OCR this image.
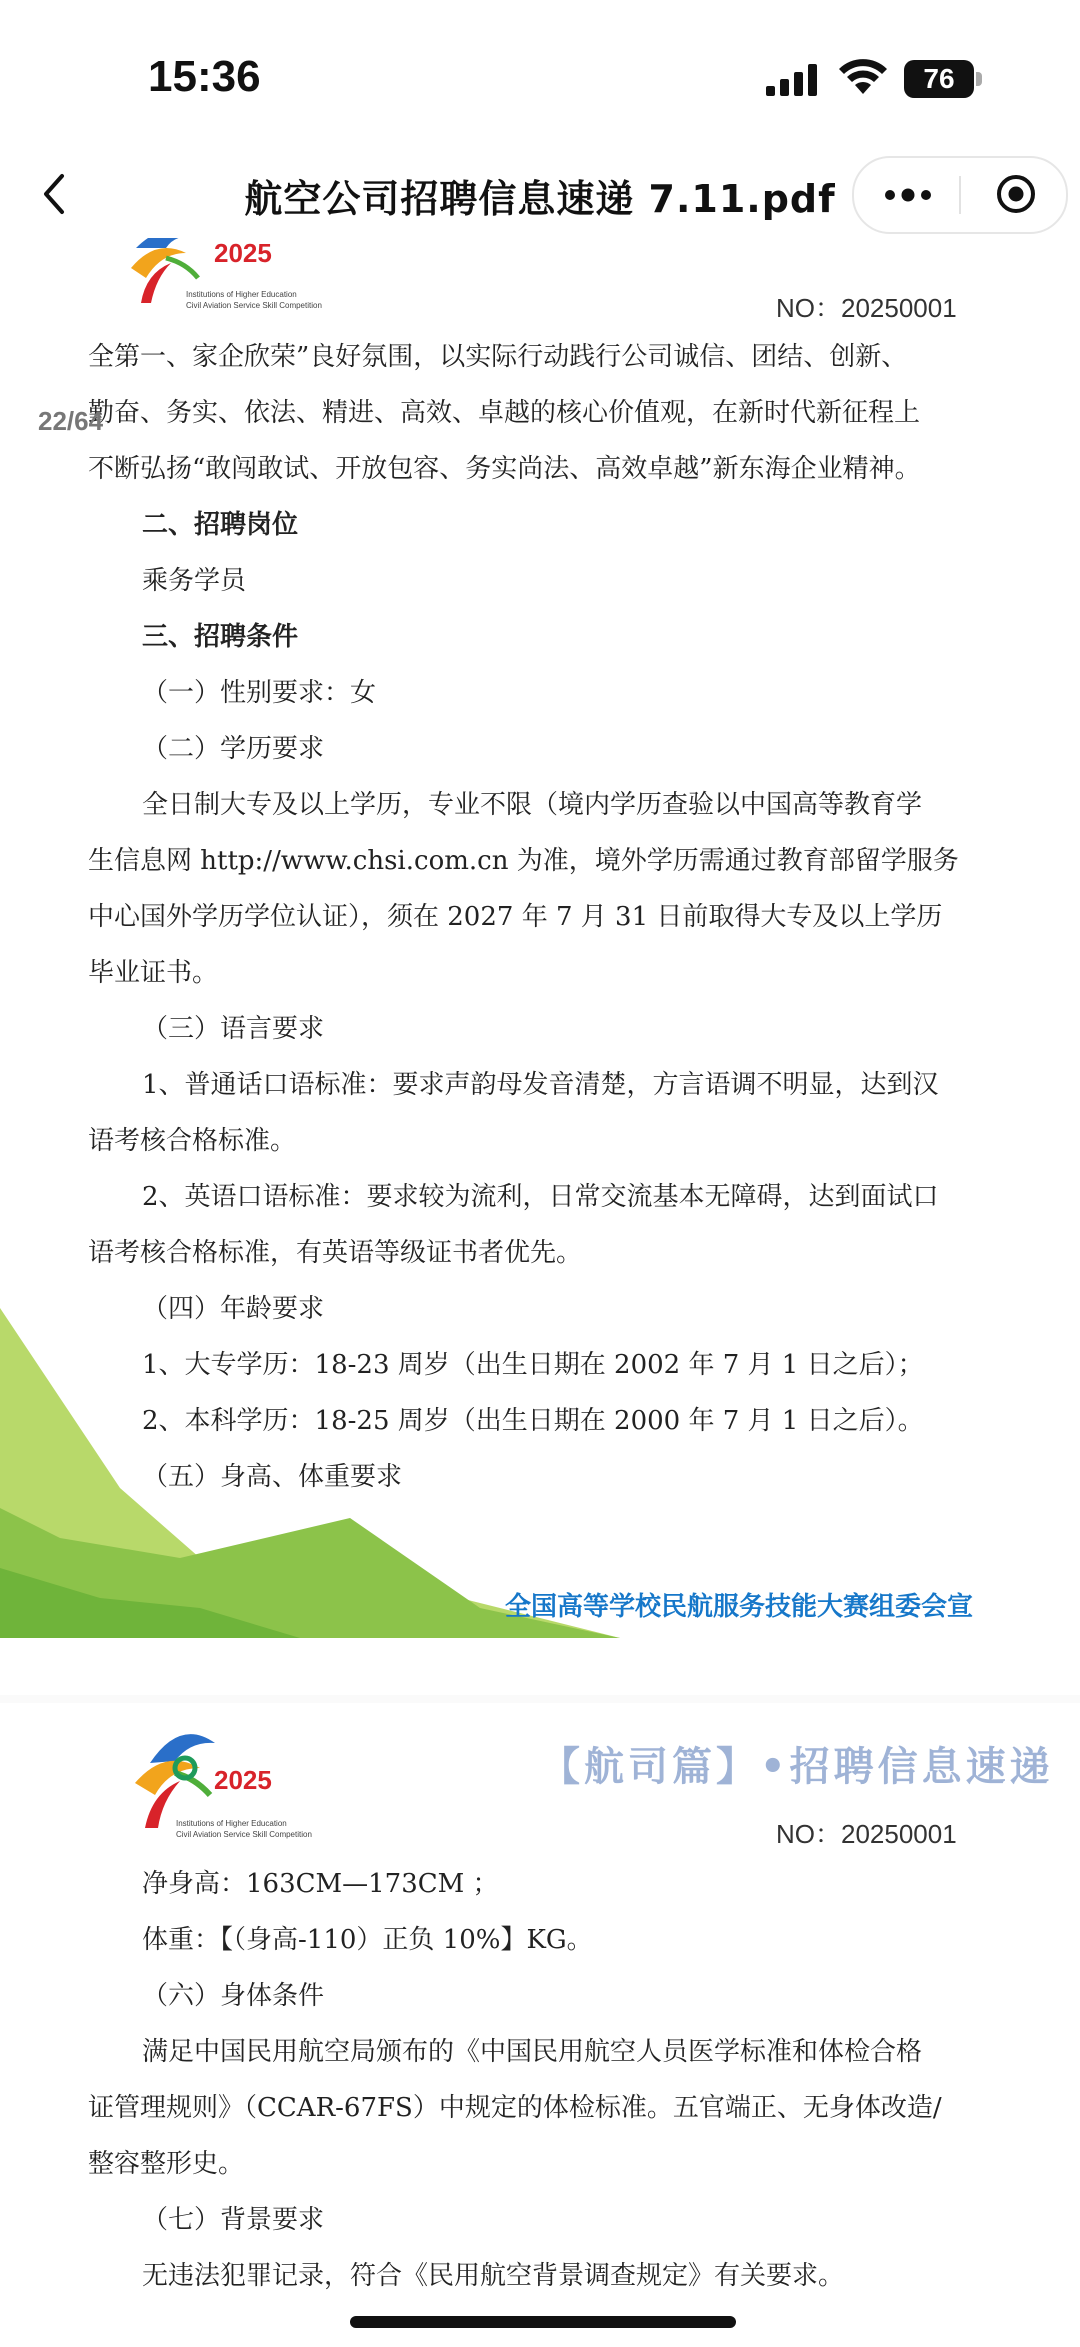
15:36	76
航空公司招聘信息速递 7.11.pdf
2025
Institutions of Higher Education
Civil Aviation Service Skill Competition	NO：20250001
全第一、家企欣荣”良好氛围，以实际行动践行公司诚信、团结、创新、
勤奋、务实、依法、精进、高效、卓越的核心价值观，在新时代新征程上
不断弘扬“敢闯敢试、开放包容、务实尚法、高效卓越”新东海企业精神。
二、招聘岗位
乘务学员
三、招聘条件
（一）性别要求：女
（二）学历要求
全日制大专及以上学历，专业不限（境内学历查验以中国高等教育学
生信息网 http://www.chsi.com.cn 为准，境外学历需通过教育部留学服务
中心国外学历学位认证），须在 2027 年 7 月 31 日前取得大专及以上学历
毕业证书。
（三）语言要求
1、普通话口语标准：要求声韵母发音清楚，方言语调不明显，达到汉
语考核合格标准。
2、英语口语标准：要求较为流利，日常交流基本无障碍，达到面试口
语考核合格标准，有英语等级证书者优先。
（四）年龄要求
1、大专学历：18-23 周岁（出生日期在 2002 年 7 月 1 日之后）；
2、本科学历：18-25 周岁（出生日期在 2000 年 7 月 1 日之后）。
（五）身高、体重要求
全国高等学校民航服务技能大赛组委会宣
2025
Institutions of Higher Education
Civil Aviation Service Skill Competition
【航司篇】•招聘信息速递
NO：20250001
净身高：163CM—173CM ；
体重：【（身高-110）正负 10%】KG。
（六）身体条件
满足中国民用航空局颁布的《中国民用航空人员医学标准和体检合格
证管理规则》（CCAR-67FS）中规定的体检标准。五官端正、无身体改造/
整容整形史。
（七）背景要求
无违法犯罪记录，符合《民用航空背景调查规定》有关要求。
22/64
